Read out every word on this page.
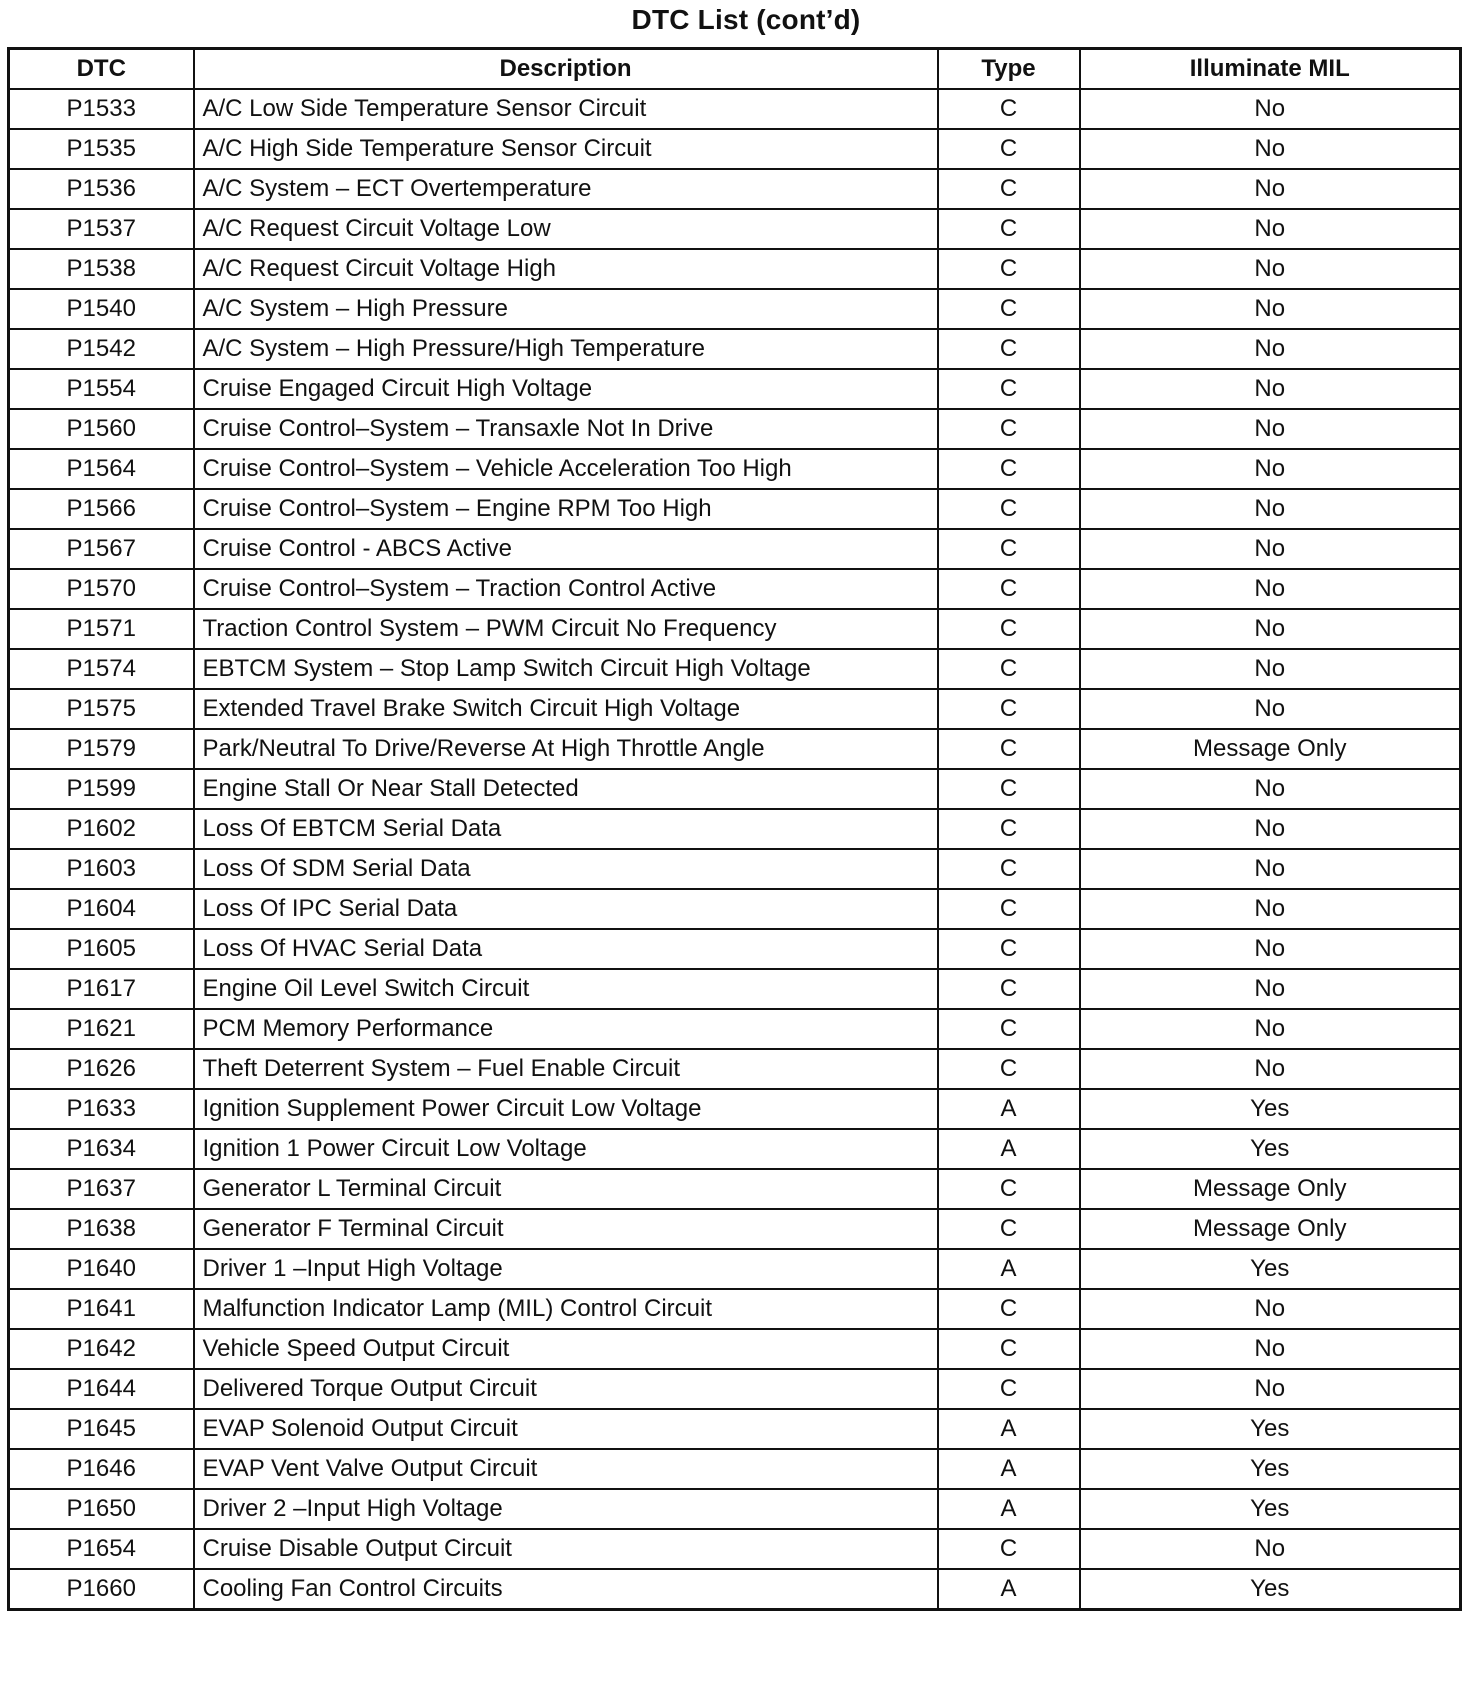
DTC List (cont’d)
DTC	Description	Type	Illuminate MIL
P1533	A/C Low Side Temperature Sensor Circuit	C	No
P1535	A/C High Side Temperature Sensor Circuit	C	No
P1536	A/C System – ECT Overtemperature	C	No
P1537	A/C Request Circuit Voltage Low	C	No
P1538	A/C Request Circuit Voltage High	C	No
P1540	A/C System – High Pressure	C	No
P1542	A/C System – High Pressure/High Temperature	C	No
P1554	Cruise Engaged Circuit High Voltage	C	No
P1560	Cruise Control–System – Transaxle Not In Drive	C	No
P1564	Cruise Control–System – Vehicle Acceleration Too High	C	No
P1566	Cruise Control–System – Engine RPM Too High	C	No
P1567	Cruise Control - ABCS Active	C	No
P1570	Cruise Control–System – Traction Control Active	C	No
P1571	Traction Control System – PWM Circuit No Frequency	C	No
P1574	EBTCM System – Stop Lamp Switch Circuit High Voltage	C	No
P1575	Extended Travel Brake Switch Circuit High Voltage	C	No
P1579	Park/Neutral To Drive/Reverse At High Throttle Angle	C	Message Only
P1599	Engine Stall Or Near Stall Detected	C	No
P1602	Loss Of EBTCM Serial Data	C	No
P1603	Loss Of SDM Serial Data	C	No
P1604	Loss Of IPC Serial Data	C	No
P1605	Loss Of HVAC Serial Data	C	No
P1617	Engine Oil Level Switch Circuit	C	No
P1621	PCM Memory Performance	C	No
P1626	Theft Deterrent System – Fuel Enable Circuit	C	No
P1633	Ignition Supplement Power Circuit Low Voltage	A	Yes
P1634	Ignition 1 Power Circuit Low Voltage	A	Yes
P1637	Generator L Terminal Circuit	C	Message Only
P1638	Generator F Terminal Circuit	C	Message Only
P1640	Driver 1 –Input High Voltage	A	Yes
P1641	Malfunction Indicator Lamp (MIL) Control Circuit	C	No
P1642	Vehicle Speed Output Circuit	C	No
P1644	Delivered Torque Output Circuit	C	No
P1645	EVAP Solenoid Output Circuit	A	Yes
P1646	EVAP Vent Valve Output Circuit	A	Yes
P1650	Driver 2 –Input High Voltage	A	Yes
P1654	Cruise Disable Output Circuit	C	No
P1660	Cooling Fan Control Circuits	A	Yes
